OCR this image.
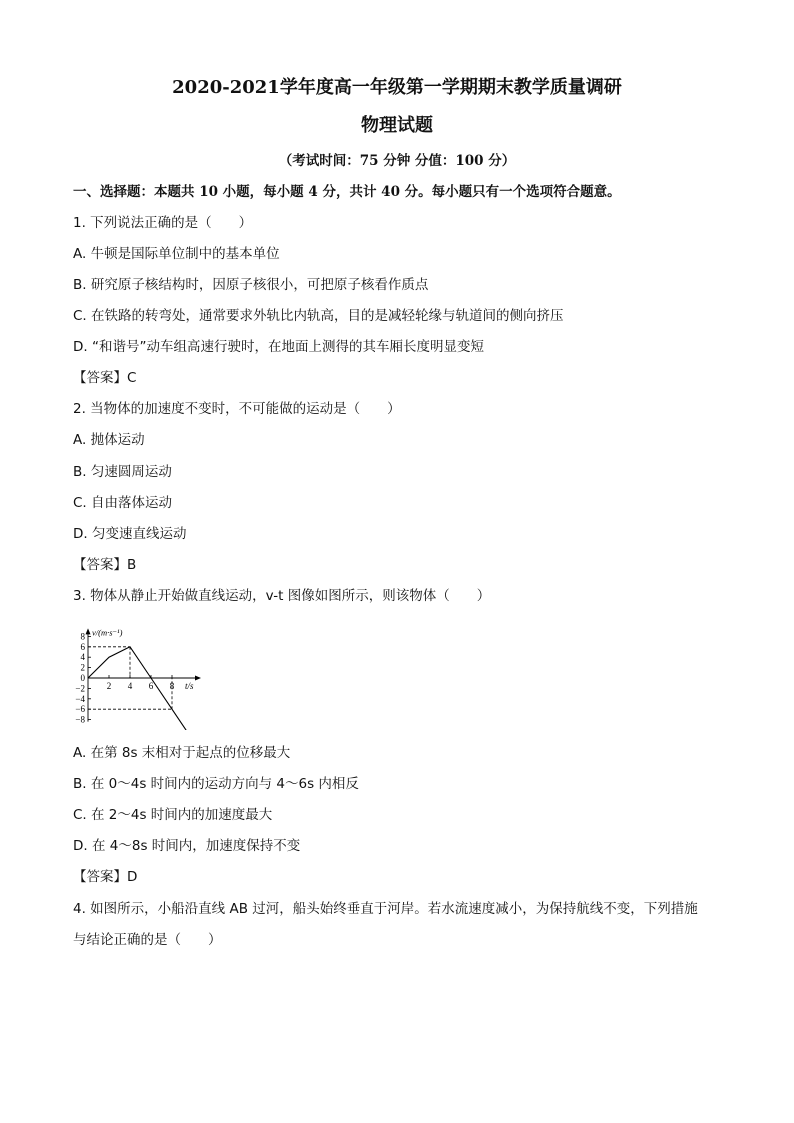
2020-2021学年度高一年级第一学期期末教学质量调研
物理试题
（考试时间：75 分钟 分值：100 分）
一、选择题：本题共 10 小题，每小题 4 分，共计 40 分。每小题只有一个选项符合题意。
1. 下列说法正确的是（　　）
A. 牛顿是国际单位制中的基本单位
B. 研究原子核结构时，因原子核很小，可把原子核看作质点
C. 在铁路的转弯处，通常要求外轨比内轨高，目的是减轻轮缘与轨道间的侧向挤压
D. “和谐号”动车组高速行驶时，在地面上测得的其车厢长度明显变短
【答案】C
2. 当物体的加速度不变时，不可能做的运动是（　　）
A. 抛体运动
B. 匀速圆周运动
C. 自由落体运动
D. 匀变速直线运动
【答案】B
3. 物体从静止开始做直线运动，v-t 图像如图所示，则该物体（　　）
8
6
4
2
0
−2
−4
−6
−8
2 4 6 8
v/(m·s⁻¹)
t/s
A. 在第 8s 末相对于起点的位移最大
B. 在 0～4s 时间内的运动方向与 4～6s 内相反
C. 在 2～4s 时间内的加速度最大
D. 在 4～8s 时间内，加速度保持不变
【答案】D
4. 如图所示，小船沿直线 AB 过河，船头始终垂直于河岸。若水流速度减小，为保持航线不变，下列措施
与结论正确的是（　　）
